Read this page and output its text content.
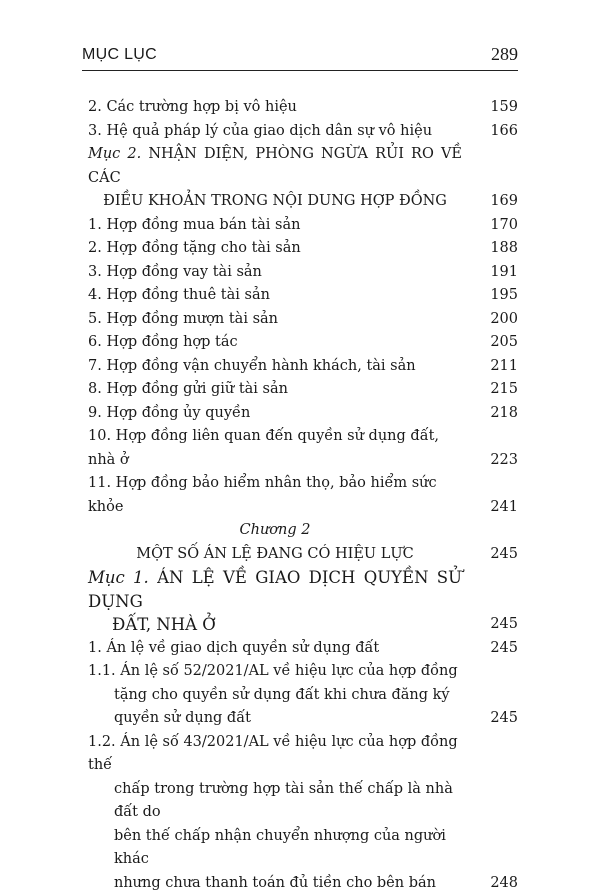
MỤC LỤC	289
2. Các trường hợp bị vô hiệu	159
3. Hệ quả pháp lý của giao dịch dân sự vô hiệu	166
Mục 2. NHẬN DIỆN, PHÒNG NGỪA RỦI RO VỀ CÁC
ĐIỀU KHOẢN TRONG NỘI DUNG HỢP ĐỒNG	169
1. Hợp đồng mua bán tài sản	170
2. Hợp đồng tặng cho tài sản	188
3. Hợp đồng vay tài sản	191
4. Hợp đồng thuê tài sản	195
5. Hợp đồng mượn tài sản	200
6. Hợp đồng hợp tác	205
7. Hợp đồng vận chuyển hành khách, tài sản	211
8. Hợp đồng gửi giữ tài sản	215
9. Hợp đồng ủy quyền	218
10. Hợp đồng liên quan đến quyền sử dụng đất, nhà ở	223
11. Hợp đồng bảo hiểm nhân thọ, bảo hiểm sức khỏe	241
Chương 2
MỘT SỐ ÁN LỆ ĐANG CÓ HIỆU LỰC	245
Mục 1. ÁN LỆ VỀ GIAO DỊCH QUYỀN SỬ DỤNG
ĐẤT, NHÀ Ở	245
1. Án lệ về giao dịch quyền sử dụng đất	245
1.1. Án lệ số 52/2021/AL về hiệu lực của hợp đồng
tặng cho quyền sử dụng đất khi chưa đăng ký
quyền sử dụng đất	245
1.2. Án lệ số 43/2021/AL về hiệu lực của hợp đồng thế
chấp trong trường hợp tài sản thế chấp là nhà đất do
bên thế chấp nhận chuyển nhượng của người khác
nhưng chưa thanh toán đủ tiền cho bên bán	248
